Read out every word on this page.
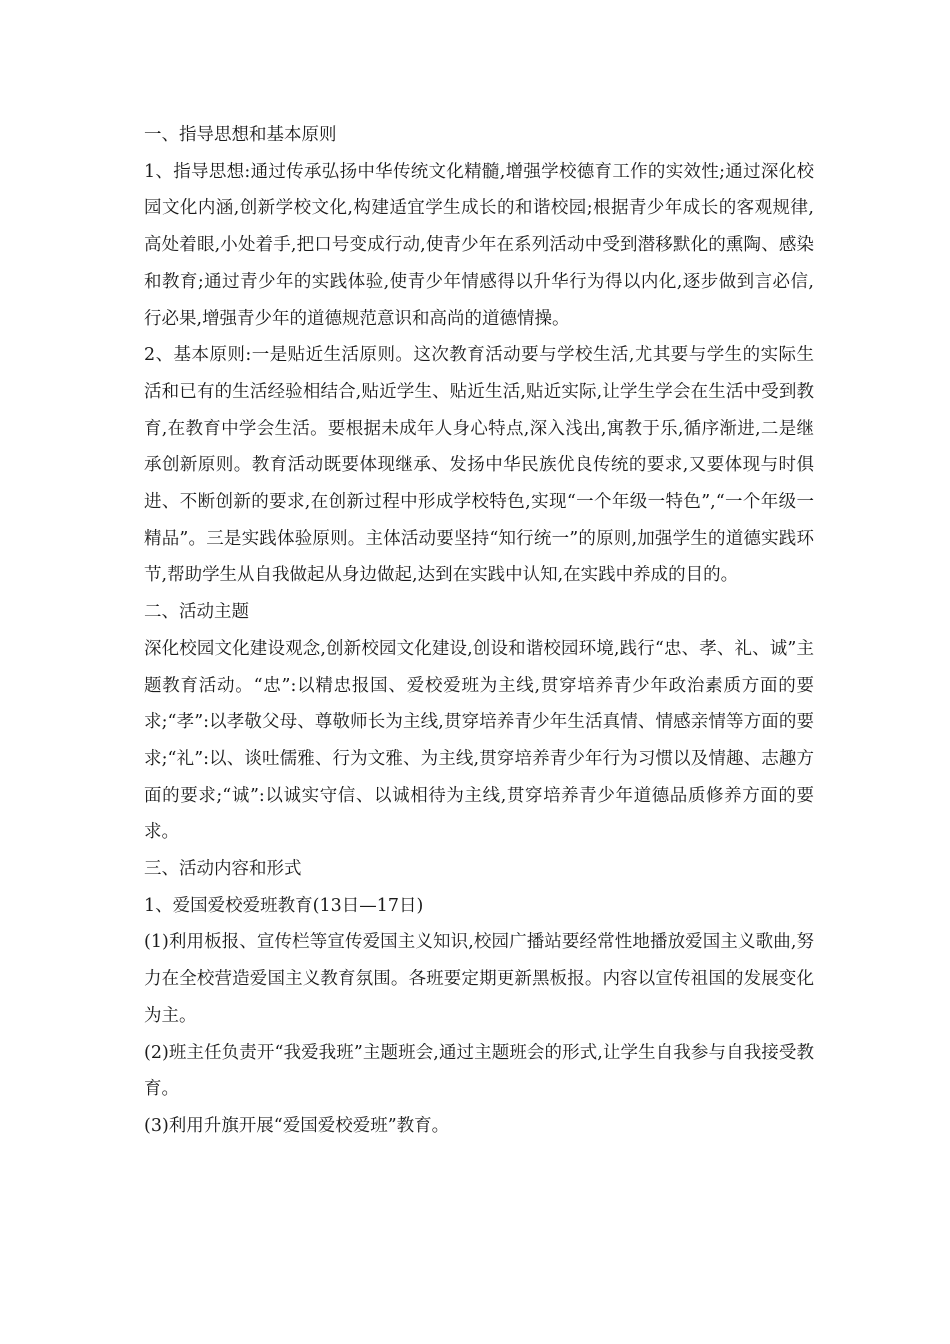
一、指导思想和基本原则

1、指导思想:通过传承弘扬中华传统文化精髓,增强学校德育工作的实效性;通过深化校园文化内涵,创新学校文化,构建适宜学生成长的和谐校园;根据青少年成长的客观规律,高处着眼,小处着手,把口号变成行动,使青少年在系列活动中受到潜移默化的熏陶、感染和教育;通过青少年的实践体验,使青少年情感得以升华行为得以内化,逐步做到言必信,行必果,增强青少年的道德规范意识和高尚的道德情操。

2、基本原则:一是贴近生活原则。这次教育活动要与学校生活,尤其要与学生的实际生活和已有的生活经验相结合,贴近学生、贴近生活,贴近实际,让学生学会在生活中受到教育,在教育中学会生活。要根据未成年人身心特点,深入浅出,寓教于乐,循序渐进,二是继承创新原则。教育活动既要体现继承、发扬中华民族优良传统的要求,又要体现与时俱进、不断创新的要求,在创新过程中形成学校特色,实现“一个年级一特色”,“一个年级一精品”。三是实践体验原则。主体活动要坚持“知行统一”的原则,加强学生的道德实践环节,帮助学生从自我做起从身边做起,达到在实践中认知,在实践中养成的目的。

二、活动主题

深化校园文化建设观念,创新校园文化建设,创设和谐校园环境,践行“忠、孝、礼、诚”主题教育活动。“忠”:以精忠报国、爱校爱班为主线,贯穿培养青少年政治素质方面的要求;“孝”:以孝敬父母、尊敬师长为主线,贯穿培养青少年生活真情、情感亲情等方面的要求;“礼”:以、谈吐儒雅、行为文雅、为主线,贯穿培养青少年行为习惯以及情趣、志趣方面的要求;“诚”:以诚实守信、以诚相待为主线,贯穿培养青少年道德品质修养方面的要求。

三、活动内容和形式

1、爱国爱校爱班教育(13日—17日)

(1)利用板报、宣传栏等宣传爱国主义知识,校园广播站要经常性地播放爱国主义歌曲,努力在全校营造爱国主义教育氛围。各班要定期更新黑板报。内容以宣传祖国的发展变化为主。

(2)班主任负责开“我爱我班”主题班会,通过主题班会的形式,让学生自我参与自我接受教育。

(3)利用升旗开展“爱国爱校爱班”教育。
